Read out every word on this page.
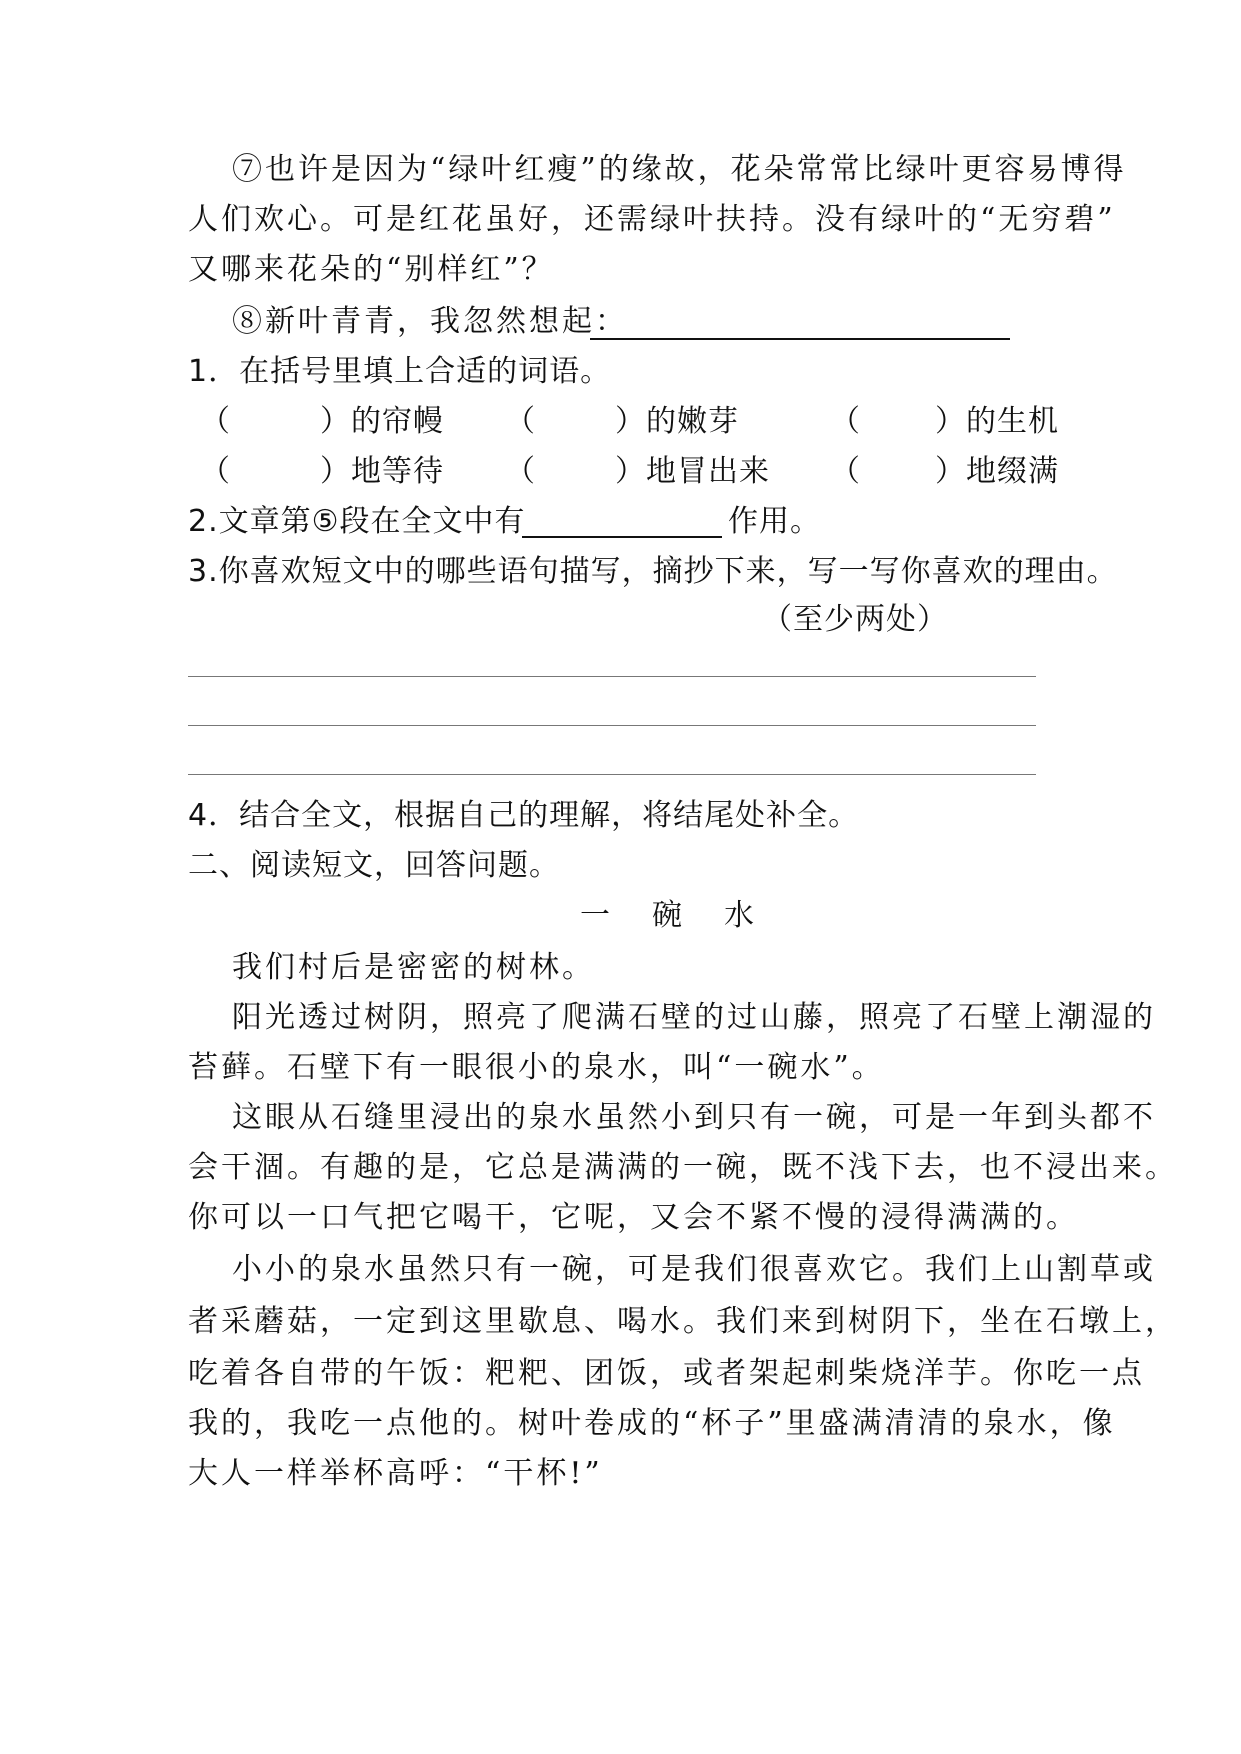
⑦也许是因为“绿叶红瘦”的缘故，花朵常常比绿叶更容易博得
人们欢心。可是红花虽好，还需绿叶扶持。没有绿叶的“无穷碧”
又哪来花朵的“别样红”？
⑧新叶青青，我忽然想起：
1．在括号里填上合适的词语。
（	）的帘幔 （	）的嫩芽	（ ）的生机
（	）地等待 （	）地冒出来 （ ）地缀满
2.文章第⑤段在全文中有	作用。
3.你喜欢短文中的哪些语句描写，摘抄下来，写一写你喜欢的理由。
（至少两处）
4．结合全文，根据自己的理解，将结尾处补全。
二、阅读短文，回答问题。
一　碗　水
我们村后是密密的树林。
阳光透过树阴，照亮了爬满石壁的过山藤，照亮了石壁上潮湿的
苔藓。石壁下有一眼很小的泉水，叫“一碗水”。
这眼从石缝里浸出的泉水虽然小到只有一碗，可是一年到头都不
会干涸。有趣的是，它总是满满的一碗，既不浅下去，也不浸出来。
你可以一口气把它喝干，它呢，又会不紧不慢的浸得满满的。
小小的泉水虽然只有一碗，可是我们很喜欢它。我们上山割草或
者采蘑菇，一定到这里歇息、喝水。我们来到树阴下，坐在石墩上，
吃着各自带的午饭：粑粑、团饭，或者架起刺柴烧洋芋。你吃一点
我的，我吃一点他的。树叶卷成的“杯子”里盛满清清的泉水，像
大人一样举杯高呼：“干杯!”
